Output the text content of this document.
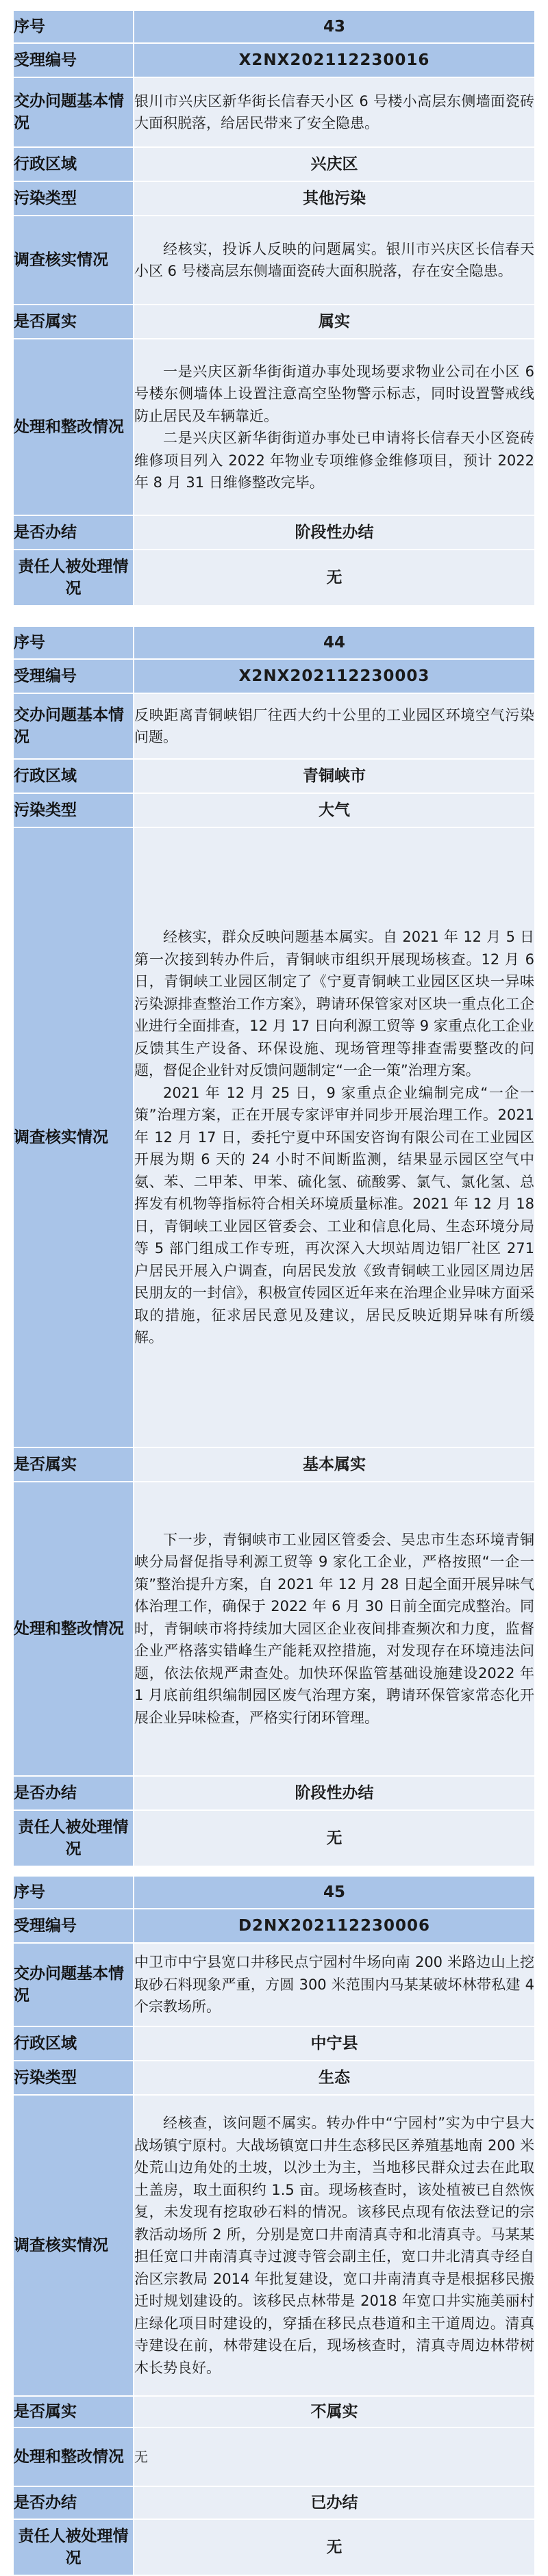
序号	43
受理编号	X2NX202112230016
交办问题基本情况	银川市兴庆区新华街长信春天小区 6 号楼小高层东侧墙面瓷砖大面积脱落，给居民带来了安全隐患。
行政区域	兴庆区
污染类型	其他污染
调查核实情况	经核实，投诉人反映的问题属实。银川市兴庆区长信春天小区 6 号楼高层东侧墙面瓷砖大面积脱落，存在安全隐患。

是否属实	属实
处理和整改情况	一是兴庆区新华街街道办事处现场要求物业公司在小区 6 号楼东侧墙体上设置注意高空坠物警示标志，同时设置警戒线防止居民及车辆靠近。

二是兴庆区新华街街道办事处已申请将长信春天小区瓷砖维修项目列入 2022 年物业专项维修金维修项目，预计 2022 年 8 月 31 日维修整改完毕。

是否办结	阶段性办结
责任人被处理情况	无
序号	44
受理编号	X2NX202112230003
交办问题基本情况	反映距离青铜峡铝厂往西大约十公里的工业园区环境空气污染问题。
行政区域	青铜峡市
污染类型	大气
调查核实情况	经核实，群众反映问题基本属实。自 2021 年 12 月 5 日第一次接到转办件后，青铜峡市组织开展现场核查。12 月 6 日，青铜峡工业园区制定了《宁夏青铜峡工业园区区块一异味污染源排查整治工作方案》，聘请环保管家对区块一重点化工企业进行全面排查，12 月 17 日向利源工贸等 9 家重点化工企业反馈其生产设备、环保设施、现场管理等排查需要整改的问题，督促企业针对反馈问题制定“一企一策”治理方案。

2021 年 12 月 25 日，9 家重点企业编制完成“一企一策”治理方案，正在开展专家评审并同步开展治理工作。2021 年 12 月 17 日，委托宁夏中环国安咨询有限公司在工业园区开展为期 6 天的 24 小时不间断监测，结果显示园区空气中氨、苯、二甲苯、甲苯、硫化氢、硫酸雾、氯气、氯化氢、总挥发有机物等指标符合相关环境质量标准。2021 年 12 月 18 日，青铜峡工业园区管委会、工业和信息化局、生态环境分局等 5 部门组成工作专班，再次深入大坝站周边铝厂社区 271 户居民开展入户调查，向居民发放《致青铜峡工业园区周边居民朋友的一封信》，积极宣传园区近年来在治理企业异味方面采取的措施，征求居民意见及建议，居民反映近期异味有所缓解。

是否属实	基本属实
处理和整改情况	下一步，青铜峡市工业园区管委会、吴忠市生态环境青铜峡分局督促指导利源工贸等 9 家化工企业，严格按照“一企一策”整治提升方案，自 2021 年 12 月 28 日起全面开展异味气体治理工作，确保于 2022 年 6 月 30 日前全面完成整治。同时，青铜峡市将持续加大园区企业夜间排查频次和力度，监督企业严格落实错峰生产能耗双控措施，对发现存在环境违法问题，依法依规严肃查处。加快环保监管基础设施建设2022 年 1 月底前组织编制园区废气治理方案，聘请环保管家常态化开展企业异味检查，严格实行闭环管理。

是否办结	阶段性办结
责任人被处理情况	无
序号	45
受理编号	D2NX202112230006
交办问题基本情况	中卫市中宁县宽口井移民点宁园村牛场向南 200 米路边山上挖取砂石料现象严重，方圆 300 米范围内马某某破坏林带私建 4 个宗教场所。
行政区域	中宁县
污染类型	生态
调查核实情况	经核查，该问题不属实。转办件中“宁园村”实为中宁县大战场镇宁原村。大战场镇宽口井生态移民区养殖基地南 200 米处荒山边角处的土坡，以沙土为主，当地移民群众过去在此取土盖房，取土面积约 1.5 亩。现场核查时，该处植被已自然恢复，未发现有挖取砂石料的情况。该移民点现有依法登记的宗教活动场所 2 所，分别是宽口井南清真寺和北清真寺。马某某担任宽口井南清真寺过渡寺管会副主任，宽口井北清真寺经自治区宗教局 2014 年批复建设，宽口井南清真寺是根据移民搬迁时规划建设的。该移民点林带是 2018 年宽口井实施美丽村庄绿化项目时建设的，穿插在移民点巷道和主干道周边。清真寺建设在前，林带建设在后，现场核查时，清真寺周边林带树木长势良好。

是否属实	不属实
处理和整改情况	无
是否办结	已办结
责任人被处理情况	无
